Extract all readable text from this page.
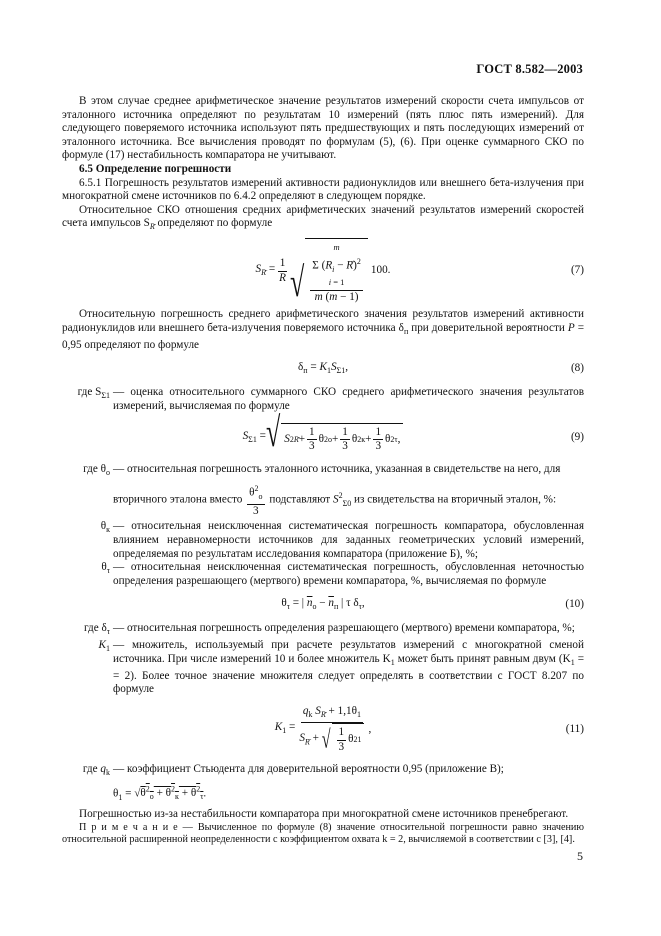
ГОСТ 8.582—2003

В этом случае среднее арифметическое значение результатов измерений скорости счета импульсов от эталонного источника определяют по результатам 10 измерений (пять плюс пять измерений). Для следующего поверяемого источника используют пять предшествующих и пять последующих измерений от эталонного источника. Все вычисления проводят по формулам (5), (6). При оценке суммарного СКО по формуле (17) нестабильность компаратора не учитывают.

6.5 Определение погрешности

6.5.1 Погрешность результатов измерений активности радионуклидов или внешнего бета-излучения при многократной смене источников по 6.4.2 определяют в следующем порядке.

Относительное СКО отношения средних арифметических значений результатов измерений скоростей счета импульсов $S_R$ определяют по формуле

$S_R = \frac{1}{R}$ √
m
Σ ($R_i$ − R̄)$^2$
i = 1
m (m − 1)
100.	(7)

Относительную погрешность среднего арифметического значения результатов измерений активности радионуклидов или внешнего бета-излучения поверяемого источника $\delta_п$ при доверительной вероятности P = 0,95 определяют по формуле

$\delta_п = K_1S_{\Sigma 1}$,	(8)
где $S_{\Sigma 1}$ — оценка относительного суммарного СКО среднего арифметического значения результатов измерений, вычисляемая по формуле
$S_{\Sigma 1}$ = √ S 2 $R + \frac{1}{3}$ θ 2 $о + \frac{1}{3}$ θ 2 $к + \frac{1}{3}$ θ 2 τ ,	(9)
где $\theta_о$ — относительная погрешность эталонного источника, указанная в свидетельстве на него, для
вторичного эталона вместо $\frac{\theta^2_о}{3}$ подставляют $S^2_{\Sigma 0}$ из свидетельства на вторичный эталон, %:
$\theta_к$ — относительная неисключенная систематическая погрешность компаратора, обусловленная влиянием неравномерности источников для заданных геометрических условий измерений, определяемая по результатам исследования компаратора (приложение Б), %;
$\theta_\tau$ — относительная неисключенная систематическая погрешность, обусловленная неточностью определения разрешающего (мертвого) времени компаратора, %, вычисляемая по формуле
$\theta_\tau$ = | $\overline{n}_о - \overline{n}_п$ | τ $\delta_\tau$,	(10)
где $\delta_\tau$ — относительная погрешность определения разрешающего (мертвого) времени компаратора, %;
$K_1$ — множитель, используемый при расчете результатов измерений с многократной сменой источника. При числе измерений 10 и более множитель $K_1$ может быть принят равным двум ($K_1$ = = 2). Более точное значение множителя следует определять в соответствии с ГОСТ 8.207 по формуле
$K_1 = \frac{q_k S_R + 1,1\theta_1}{S_R + √ \frac{1}{3} \theta 2 1}$ ,	(11)
где $q_k$ — коэффициент Стьюдента для доверительной вероятности 0,95 (приложение В);
$\theta_1 = √\theta^2_о + \theta^2_к + \theta^2_\tau$.

Погрешностью из-за нестабильности компаратора при многократной смене источников пренебрегают.

П р и м е ч а н и е — Вычисленное по формуле (8) значение относительной погрешности равно значению относительной расширенной неопределенности с коэффициентом охвата k = 2, вычисляемой в соответствии с [3], [4].

5
